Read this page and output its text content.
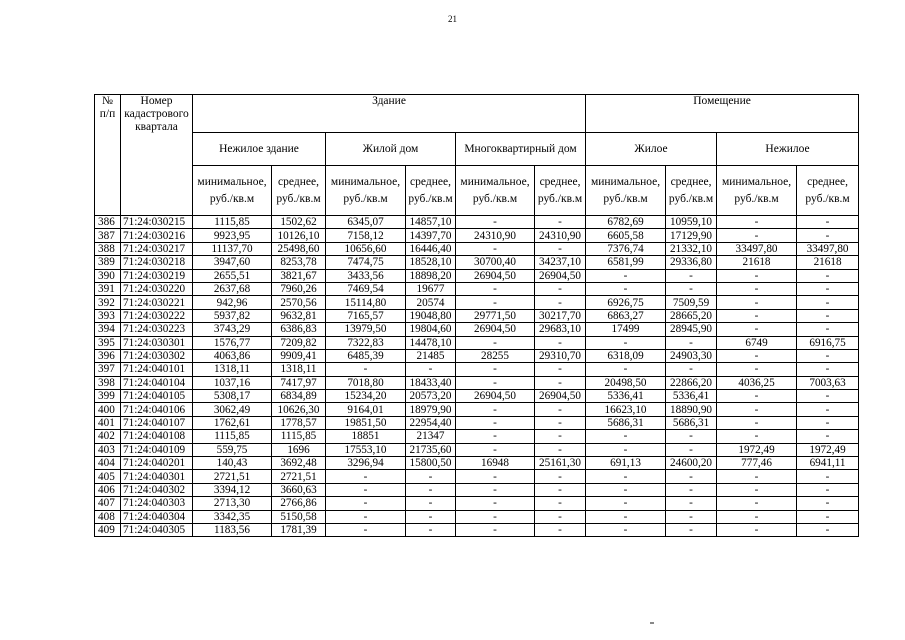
21
№ п/п	Номер кадастрового квартала	Здание						Помещение			
		Нежилое здание		Жилой дом		Многоквартирный дом		Жилое		Нежилое	
		минимальное, руб./кв.м	среднее, руб./кв.м	минимальное, руб./кв.м	среднее, руб./кв.м	минимальное, руб./кв.м	среднее, руб./кв.м	минимальное, руб./кв.м	среднее, руб./кв.м	минимальное, руб./кв.м	среднее, руб./кв.м
386	71:24:030215	1115,85	1502,62	6345,07	14857,10	-	-	6782,69	10959,10	-	-
387	71:24:030216	9923,95	10126,10	7158,12	14397,70	24310,90	24310,90	6605,58	17129,90	-	-
388	71:24:030217	11137,70	25498,60	10656,60	16446,40	-	-	7376,74	21332,10	33497,80	33497,80
389	71:24:030218	3947,60	8253,78	7474,75	18528,10	30700,40	34237,10	6581,99	29336,80	21618	21618
390	71:24:030219	2655,51	3821,67	3433,56	18898,20	26904,50	26904,50	-	-	-	-
391	71:24:030220	2637,68	7960,26	7469,54	19677	-	-	-	-	-	-
392	71:24:030221	942,96	2570,56	15114,80	20574	-	-	6926,75	7509,59	-	-
393	71:24:030222	5937,82	9632,81	7165,57	19048,80	29771,50	30217,70	6863,27	28665,20	-	-
394	71:24:030223	3743,29	6386,83	13979,50	19804,60	26904,50	29683,10	17499	28945,90	-	-
395	71:24:030301	1576,77	7209,82	7322,83	14478,10	-	-	-	-	6749	6916,75
396	71:24:030302	4063,86	9909,41	6485,39	21485	28255	29310,70	6318,09	24903,30	-	-
397	71:24:040101	1318,11	1318,11	-	-	-	-	-	-	-	-
398	71:24:040104	1037,16	7417,97	7018,80	18433,40	-	-	20498,50	22866,20	4036,25	7003,63
399	71:24:040105	5308,17	6834,89	15234,20	20573,20	26904,50	26904,50	5336,41	5336,41	-	-
400	71:24:040106	3062,49	10626,30	9164,01	18979,90	-	-	16623,10	18890,90	-	-
401	71:24:040107	1762,61	1778,57	19851,50	22954,40	-	-	5686,31	5686,31	-	-
402	71:24:040108	1115,85	1115,85	18851	21347	-	-	-	-	-	-
403	71:24:040109	559,75	1696	17553,10	21735,60	-	-	-	-	1972,49	1972,49
404	71:24:040201	140,43	3692,48	3296,94	15800,50	16948	25161,30	691,13	24600,20	777,46	6941,11
405	71:24:040301	2721,51	2721,51	-	-	-	-	-	-	-	-
406	71:24:040302	3394,12	3660,63	-	-	-	-	-	-	-	-
407	71:24:040303	2713,30	2766,86	-	-	-	-	-	-	-	-
408	71:24:040304	3342,35	5150,58	-	-	-	-	-	-	-	-
409	71:24:040305	1183,56	1781,39	-	-	-	-	-	-	-	-
